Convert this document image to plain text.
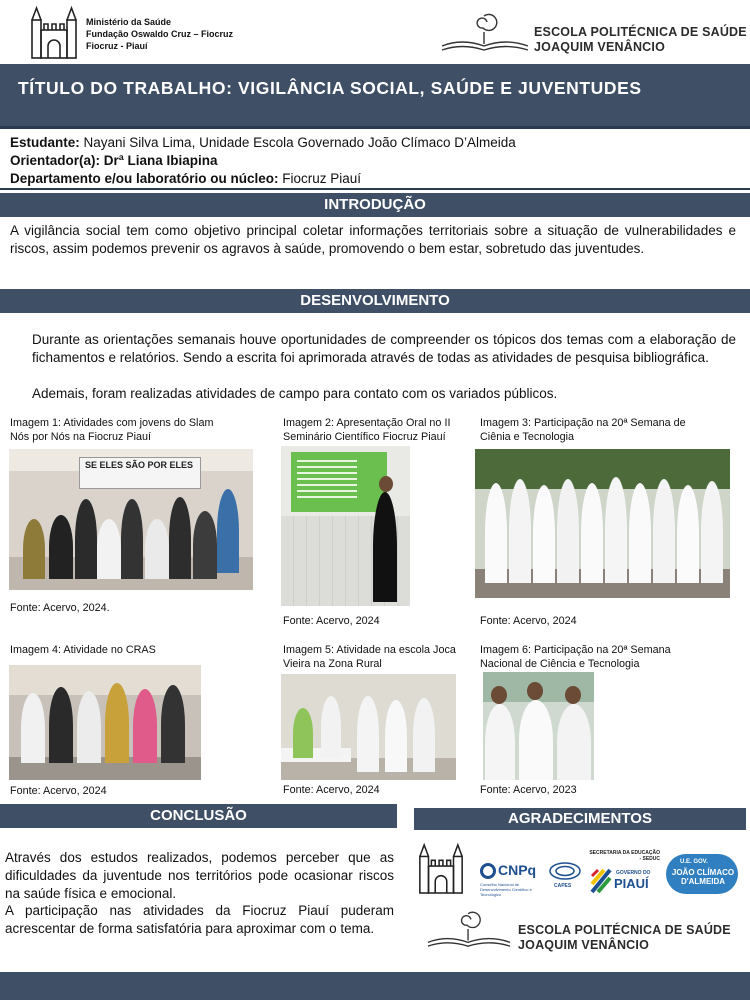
Ministério da Saúde
Fundação Oswaldo Cruz – Fiocruz
Fiocruz - Piauí
ESCOLA POLITÉCNICA DE SAÚDE
JOAQUIM VENÂNCIO
TÍTULO DO TRABALHO: VIGILÂNCIA SOCIAL, SAÚDE E JUVENTUDES
Estudante: Nayani Silva Lima, Unidade Escola Governado João Clímaco D’Almeida
Orientador(a): Drª Liana Ibiapina
Departamento e/ou laboratório ou núcleo: Fiocruz Piauí
INTRODUÇÃO
A vigilância social tem como objetivo principal coletar informações territoriais sobre a situação de vulnerabilidades e riscos, assim podemos prevenir os agravos à saúde, promovendo o bem estar, sobretudo das juventudes.
DESENVOLVIMENTO
Durante as orientações semanais houve oportunidades de compreender os tópicos dos temas com a elaboração de fichamentos e relatórios. Sendo a escrita foi aprimorada através de todas as atividades de pesquisa bibliográfica.
Ademais, foram realizadas atividades de campo para contato com os variados públicos.
Imagem 1: Atividades com jovens do Slam Nós por Nós na Fiocruz Piauí
SE ELES SÃO POR ELES
Fonte: Acervo, 2024.
Imagem 2: Apresentação Oral no II Seminário Científico Fiocruz Piauí
Fonte: Acervo, 2024
Imagem 3: Participação na 20ª Semana de Ciênia e Tecnologia
Fonte: Acervo, 2024
Imagem 4: Atividade no CRAS
Fonte: Acervo, 2024
Imagem 5: Atividade na escola Joca Vieira na Zona Rural
Fonte: Acervo, 2024
Imagem 6: Participação na 20ª Semana Nacional de Ciência e Tecnologia
Fonte: Acervo, 2023
CONCLUSÃO
Através dos estudos realizados, podemos perceber que as dificuldades da juventude nos territórios pode ocasionar riscos na saúde física e emocional.
A participação nas atividades da Fiocruz Piauí puderam acrescentar de forma satisfatória para aproximar com o tema.
AGRADECIMENTOS
CNPq
Conselho Nacional de Desenvolvimento Científico e Tecnológico
CAPES
SECRETARIA DA EDUCAÇÃO - SEDUC
GOVERNO DO
PIAUÍ
U.E. GOV.
JOÃO CLÍMACO D'ALMEIDA
ESCOLA POLITÉCNICA DE SAÚDE
JOAQUIM VENÂNCIO
